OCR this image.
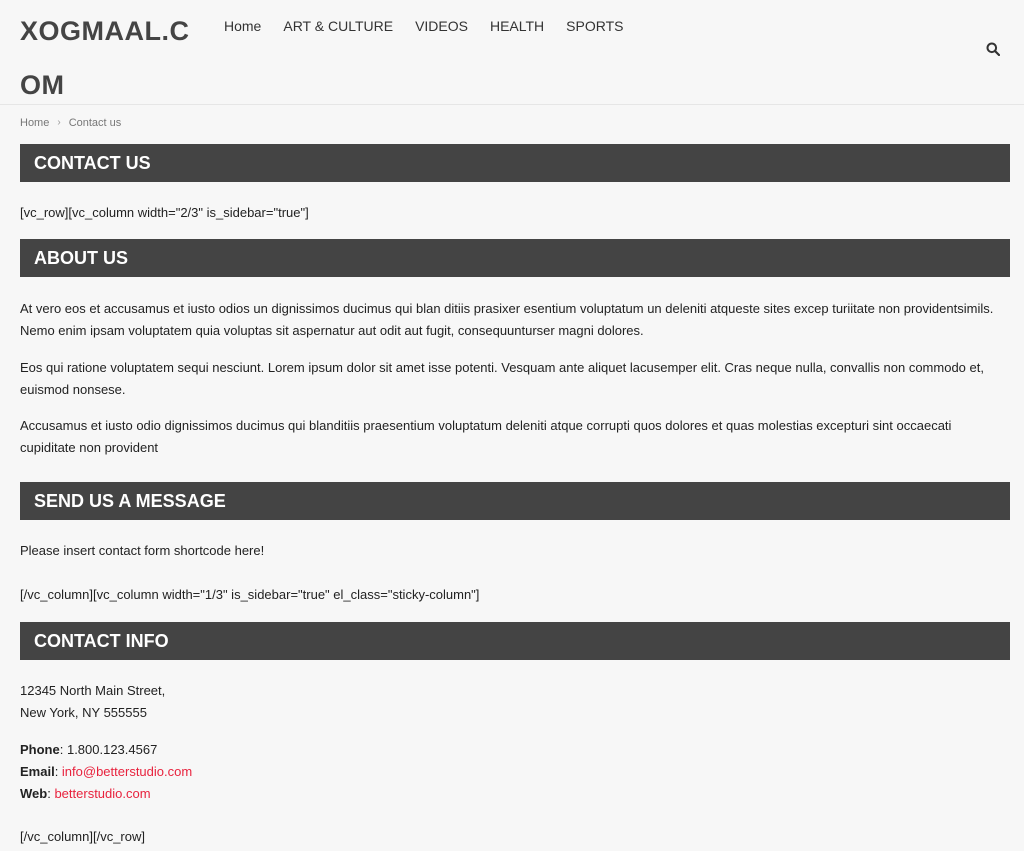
XOGMAAL.COM
Home ART & CULTURE VIDEOS HEALTH SPORTS
Home › Contact us
CONTACT US

[vc_row][vc_column width="2/3" is_sidebar="true"]

ABOUT US

At vero eos et accusamus et iusto odios un dignissimos ducimus qui blan ditiis prasixer esentium voluptatum un deleniti atqueste sites excep turiitate non providentsimils. Nemo enim ipsam voluptatem quia voluptas sit aspernatur aut odit aut fugit, consequunturser magni dolores.

Eos qui ratione voluptatem sequi nesciunt. Lorem ipsum dolor sit amet isse potenti. Vesquam ante aliquet lacusemper elit. Cras neque nulla, convallis non commodo et, euismod nonsese.

Accusamus et iusto odio dignissimos ducimus qui blanditiis praesentium voluptatum deleniti atque corrupti quos dolores et quas molestias excepturi sint occaecati cupiditate non provident

SEND US A MESSAGE

Please insert contact form shortcode here!

[/vc_column][vc_column width="1/3" is_sidebar="true" el_class="sticky-column"]

CONTACT INFO
12345 North Main Street,
New York, NY 555555
Phone: 1.800.123.4567
Email: info@betterstudio.com
Web: betterstudio.com

[/vc_column][/vc_row]
